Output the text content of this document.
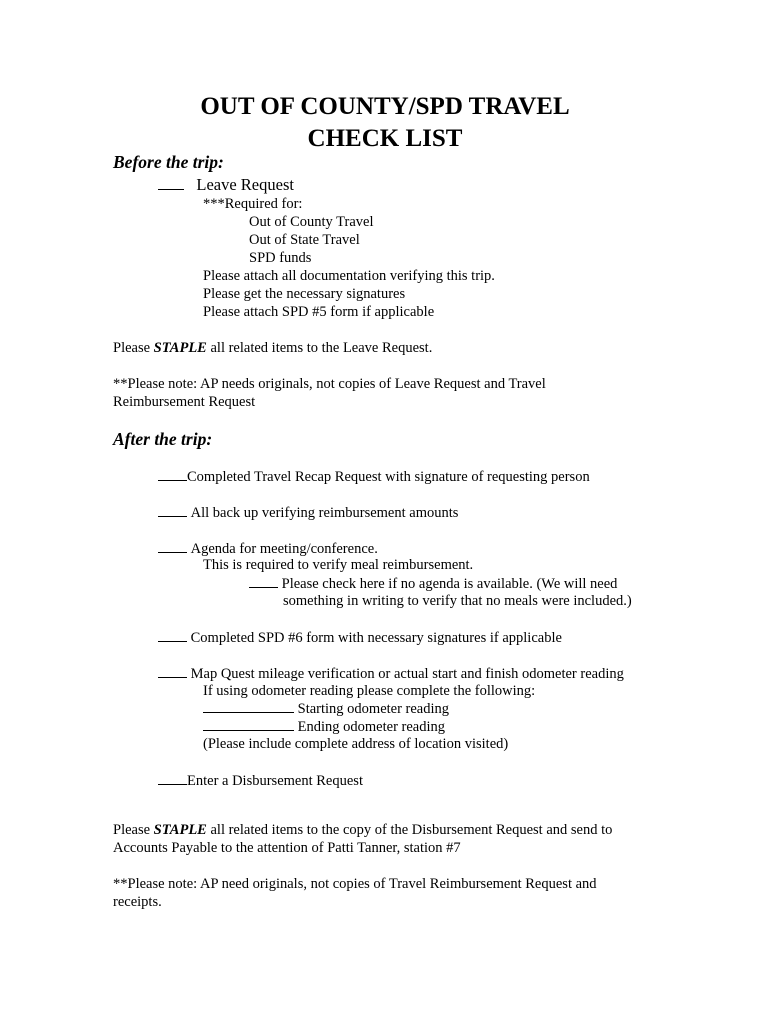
OUT OF COUNTY/SPD TRAVEL
CHECK LIST
Before the trip:
Leave Request
***Required for:
Out of County Travel
Out of State Travel
SPD funds
Please attach all documentation verifying this trip.
Please get the necessary signatures
Please attach SPD #5 form if applicable
Please STAPLE all related items to the Leave Request.
**Please note: AP needs originals, not copies of Leave Request and Travel
Reimbursement Request
After the trip:
Completed Travel Recap Request with signature of requesting person
All back up verifying reimbursement amounts
Agenda for meeting/conference.
This is required to verify meal reimbursement.
Please check here if no agenda is available. (We will need
something in writing to verify that no meals were included.)
Completed SPD #6 form with necessary signatures if applicable
Map Quest mileage verification or actual start and finish odometer reading
If using odometer reading please complete the following:
Starting odometer reading
Ending odometer reading
(Please include complete address of location visited)
Enter a Disbursement Request
Please STAPLE all related items to the copy of the Disbursement Request and send to
Accounts Payable to the attention of Patti Tanner, station #7
**Please note: AP need originals, not copies of Travel Reimbursement Request and
receipts.
